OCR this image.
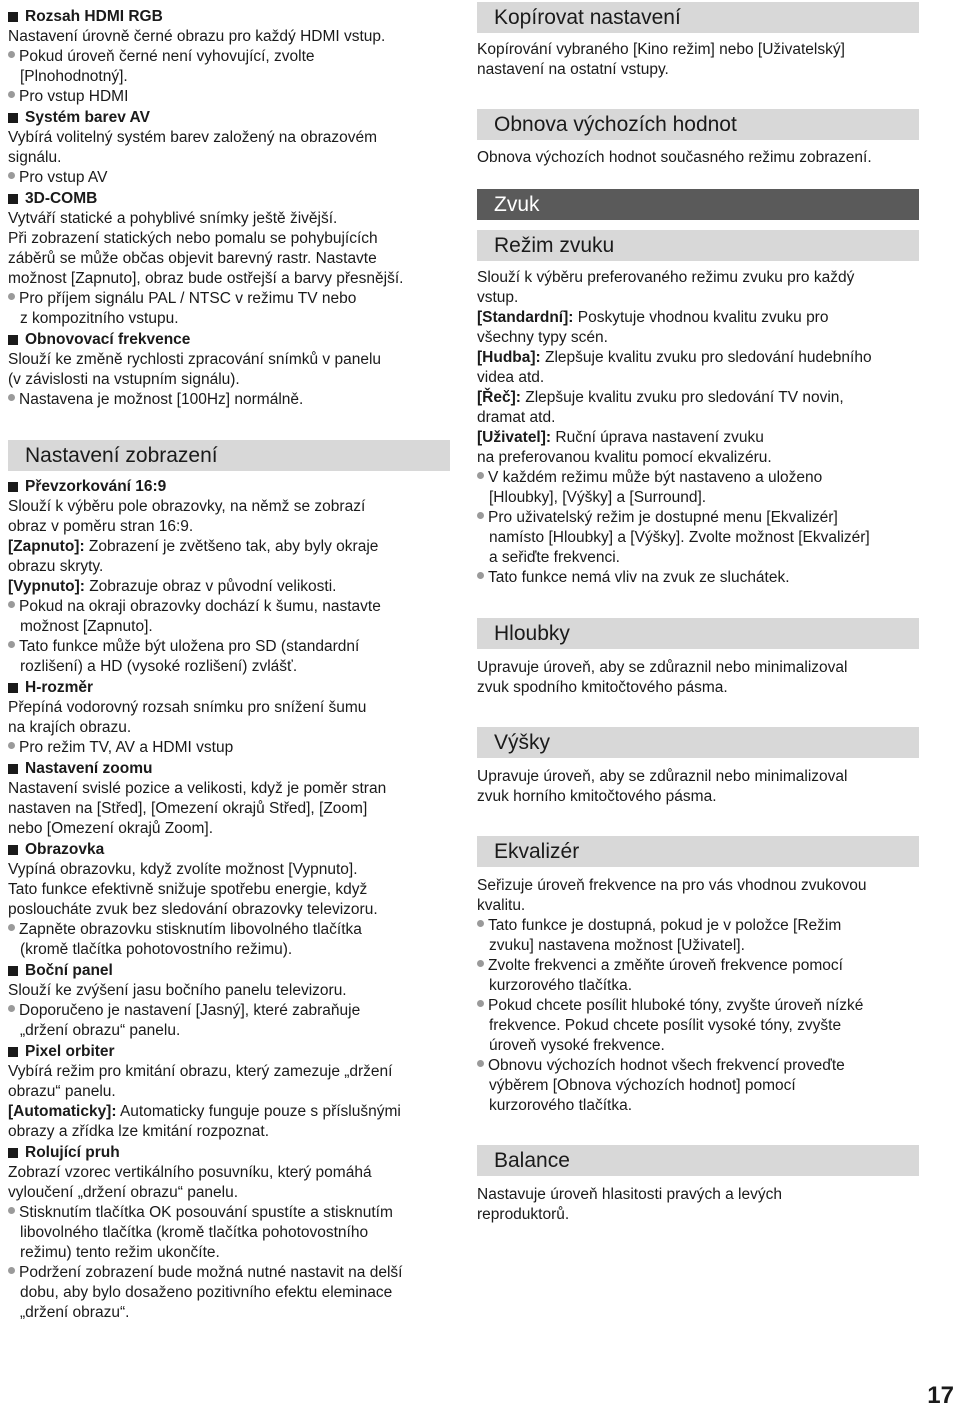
Rozsah HDMI RGB
Nastavení úrovně černé obrazu pro každý HDMI vstup.
Pokud úroveň černé není vyhovující, zvolte
[Plnohodnotný].
Pro vstup HDMI
Systém barev AV
Vybírá volitelný systém barev založený na obrazovém
signálu.
Pro vstup AV
3D-COMB
Vytváří statické a pohyblivé snímky ještě živější.
Při zobrazení statických nebo pomalu se pohybujících
záběrů se může občas objevit barevný rastr. Nastavte
možnost [Zapnuto], obraz bude ostřejší a barvy přesnější.
Pro příjem signálu PAL / NTSC v režimu TV nebo
z kompozitního vstupu.
Obnovovací frekvence
Slouží ke změně rychlosti zpracování snímků v panelu
(v závislosti na vstupním signálu).
Nastavena je možnost [100Hz] normálně.
Nastavení zobrazení
Převzorkování 16:9
Slouží k výběru pole obrazovky, na němž se zobrazí
obraz v poměru stran 16:9.
[Zapnuto]: Zobrazení je zvětšeno tak, aby byly okraje
obrazu skryty.
[Vypnuto]: Zobrazuje obraz v původní velikosti.
Pokud na okraji obrazovky dochází k šumu, nastavte
možnost [Zapnuto].
Tato funkce může být uložena pro SD (standardní
rozlišení) a HD (vysoké rozlišení) zvlášť.
H-rozměr
Přepíná vodorovný rozsah snímku pro snížení šumu
na krajích obrazu.
Pro režim TV, AV a HDMI vstup
Nastavení zoomu
Nastavení svislé pozice a velikosti, když je poměr stran
nastaven na [Střed], [Omezení okrajů Střed], [Zoom]
nebo [Omezení okrajů Zoom].
Obrazovka
Vypíná obrazovku, když zvolíte možnost [Vypnuto].
Tato funkce efektivně snižuje spotřebu energie, když
posloucháte zvuk bez sledování obrazovky televizoru.
Zapněte obrazovku stisknutím libovolného tlačítka
(kromě tlačítka pohotovostního režimu).
Boční panel
Slouží ke zvýšení jasu bočního panelu televizoru.
Doporučeno je nastavení [Jasný], které zabraňuje
„držení obrazu“ panelu.
Pixel orbiter
Vybírá režim pro kmitání obrazu, který zamezuje „držení
obrazu“ panelu.
[Automaticky]: Automaticky funguje pouze s příslušnými
obrazy a zřídka lze kmitání rozpoznat.
Rolující pruh
Zobrazí vzorec vertikálního posuvníku, který pomáhá
vyloučení „držení obrazu“ panelu.
Stisknutím tlačítka OK posouvání spustíte a stisknutím
libovolného tlačítka (kromě tlačítka pohotovostního
režimu) tento režim ukončíte.
Podržení zobrazení bude možná nutné nastavit na delší
dobu, aby bylo dosaženo pozitivního efektu eleminace
„držení obrazu“.
Kopírovat nastavení
Kopírování vybraného [Kino režim] nebo [Uživatelský]
nastavení na ostatní vstupy.
Obnova výchozích hodnot
Obnova výchozích hodnot současného režimu zobrazení.
Zvuk
Režim zvuku
Slouží k výběru preferovaného režimu zvuku pro každý
vstup.
[Standardní]: Poskytuje vhodnou kvalitu zvuku pro
všechny typy scén.
[Hudba]: Zlepšuje kvalitu zvuku pro sledování hudebního
videa atd.
[Řeč]: Zlepšuje kvalitu zvuku pro sledování TV novin,
dramat atd.
[Uživatel]: Ruční úprava nastavení zvuku
na preferovanou kvalitu pomocí ekvalizéru.
V každém režimu může být nastaveno a uloženo
[Hloubky], [Výšky] a [Surround].
Pro uživatelský režim je dostupné menu [Ekvalizér]
namísto [Hloubky] a [Výšky]. Zvolte možnost [Ekvalizér]
a seřiďte frekvenci.
Tato funkce nemá vliv na zvuk ze sluchátek.
Hloubky
Upravuje úroveň, aby se zdůraznil nebo minimalizoval
zvuk spodního kmitočtového pásma.
Výšky
Upravuje úroveň, aby se zdůraznil nebo minimalizoval
zvuk horního kmitočtového pásma.
Ekvalizér
Seřizuje úroveň frekvence na pro vás vhodnou zvukovou
kvalitu.
Tato funkce je dostupná, pokud je v položce [Režim
zvuku] nastavena možnost [Uživatel].
Zvolte frekvenci a změňte úroveň frekvence pomocí
kurzorového tlačítka.
Pokud chcete posílit hluboké tóny, zvyšte úroveň nízké
frekvence. Pokud chcete posílit vysoké tóny, zvyšte
úroveň vysoké frekvence.
Obnovu výchozích hodnot všech frekvencí proveďte
výběrem [Obnova výchozích hodnot] pomocí
kurzorového tlačítka.
Balance
Nastavuje úroveň hlasitosti pravých a levých
reproduktorů.
17
